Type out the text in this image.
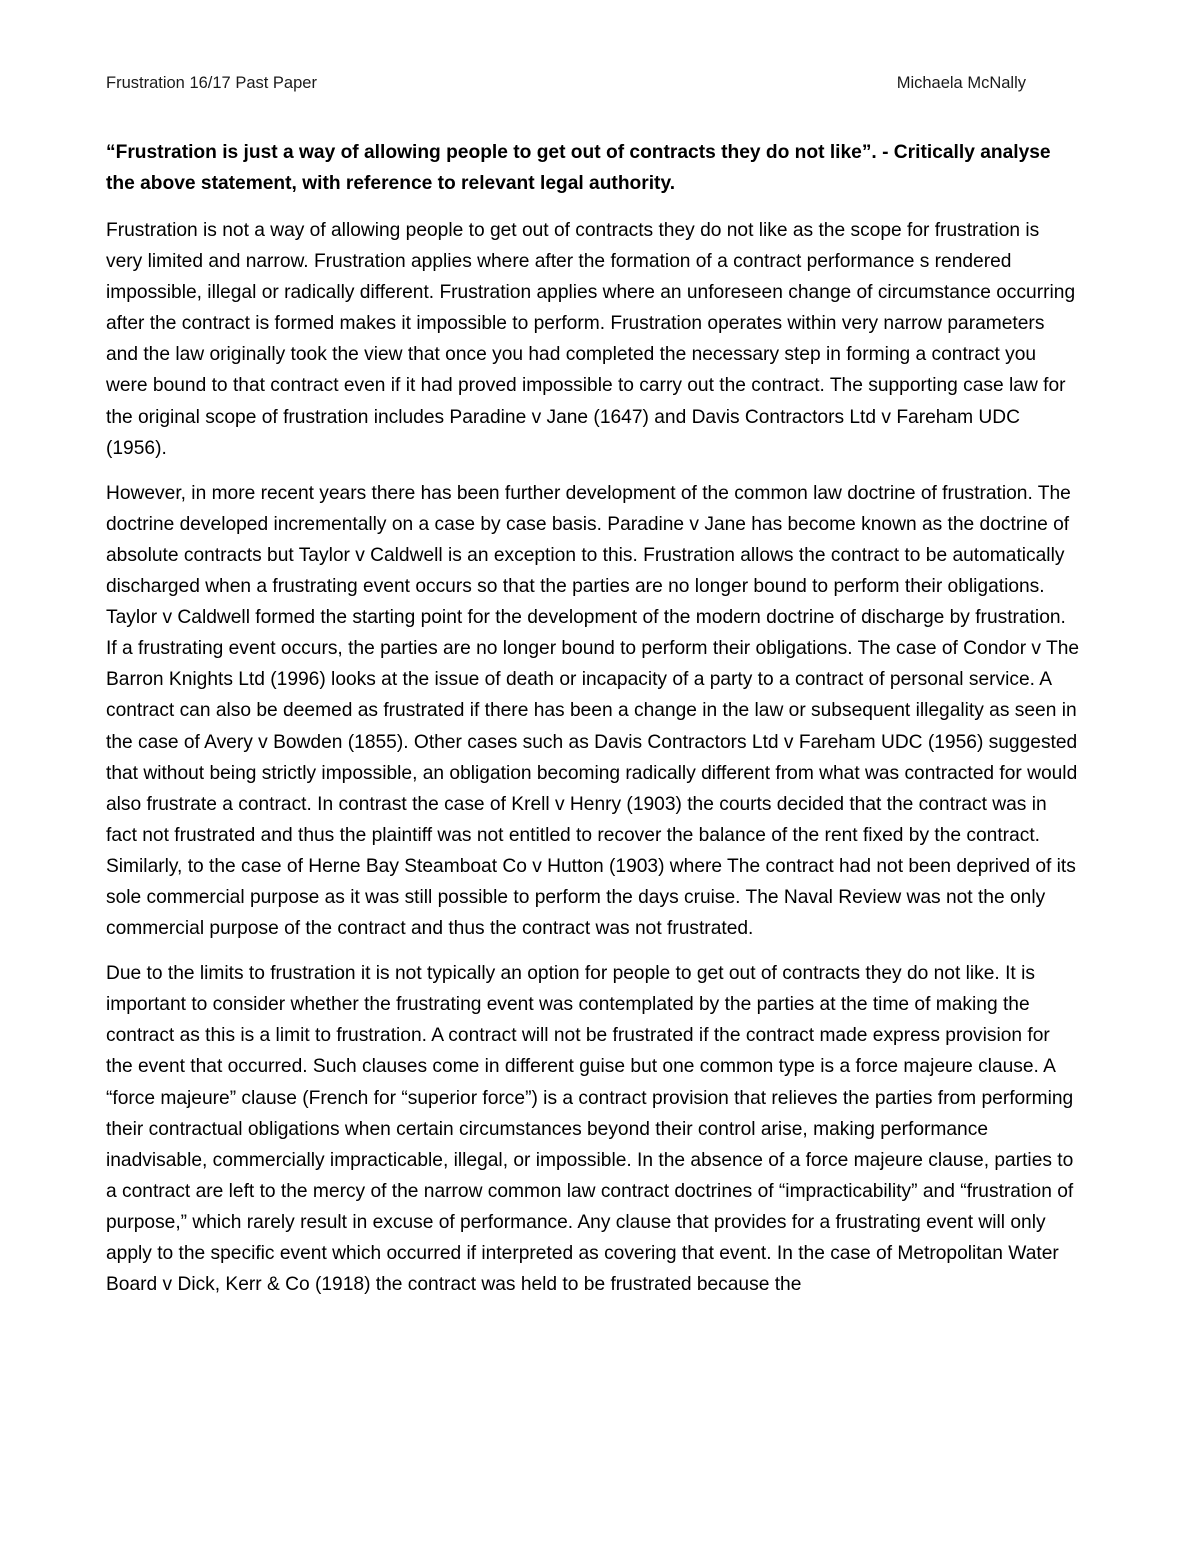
Frustration 16/17 Past Paper	Michaela McNally
“Frustration is just a way of allowing people to get out of contracts they do not like”. - Critically analyse the above statement, with reference to relevant legal authority.

Frustration is not a way of allowing people to get out of contracts they do not like as the scope for frustration is very limited and narrow. Frustration applies where after the formation of a contract performance s rendered impossible, illegal or radically different. Frustration applies where an unforeseen change of circumstance occurring after the contract is formed makes it impossible to perform. Frustration operates within very narrow parameters and the law originally took the view that once you had completed the necessary step in forming a contract you were bound to that contract even if it had proved impossible to carry out the contract. The supporting case law for the original scope of frustration includes Paradine v Jane (1647) and Davis Contractors Ltd v Fareham UDC (1956).

However, in more recent years there has been further development of the common law doctrine of frustration. The doctrine developed incrementally on a case by case basis. Paradine v Jane has become known as the doctrine of absolute contracts but Taylor v Caldwell is an exception to this. Frustration allows the contract to be automatically discharged when a frustrating event occurs so that the parties are no longer bound to perform their obligations. Taylor v Caldwell formed the starting point for the development of the modern doctrine of discharge by frustration. If a frustrating event occurs, the parties are no longer bound to perform their obligations. The case of Condor v The Barron Knights Ltd (1996) looks at the issue of death or incapacity of a party to a contract of personal service. A contract can also be deemed as frustrated if there has been a change in the law or subsequent illegality as seen in the case of Avery v Bowden (1855). Other cases such as Davis Contractors Ltd v Fareham UDC (1956) suggested that without being strictly impossible, an obligation becoming radically different from what was contracted for would also frustrate a contract. In contrast the case of Krell v Henry (1903) the courts decided that the contract was in fact not frustrated and thus the plaintiff was not entitled to recover the balance of the rent fixed by the contract. Similarly, to the case of Herne Bay Steamboat Co v Hutton (1903) where The contract had not been deprived of its sole commercial purpose as it was still possible to perform the days cruise. The Naval Review was not the only commercial purpose of the contract and thus the contract was not frustrated.

Due to the limits to frustration it is not typically an option for people to get out of contracts they do not like. It is important to consider whether the frustrating event was contemplated by the parties at the time of making the contract as this is a limit to frustration. A contract will not be frustrated if the contract made express provision for the event that occurred. Such clauses come in different guise but one common type is a force majeure clause. A “force majeure” clause (French for “superior force”) is a contract provision that relieves the parties from performing their contractual obligations when certain circumstances beyond their control arise, making performance inadvisable, commercially impracticable, illegal, or impossible. In the absence of a force majeure clause, parties to a contract are left to the mercy of the narrow common law contract doctrines of “impracticability” and “frustration of purpose,” which rarely result in excuse of performance. Any clause that provides for a frustrating event will only apply to the specific event which occurred if interpreted as covering that event. In the case of Metropolitan Water Board v Dick, Kerr & Co (1918) the contract was held to be frustrated because the
